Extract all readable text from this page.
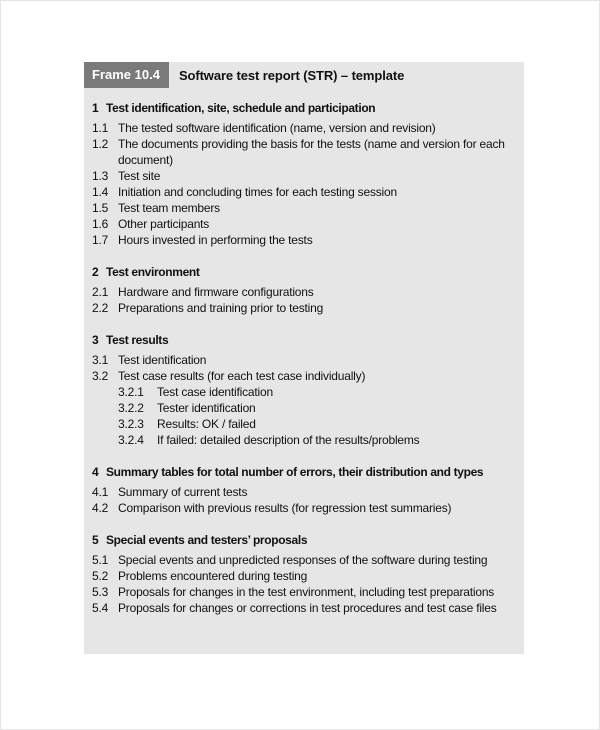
Frame 10.4	Software test report (STR) – template
1 Test identification, site, schedule and participation
1.1 The tested software identification (name, version and revision)
1.2 The documents providing the basis for the tests (name and version for each document)
1.3 Test site
1.4 Initiation and concluding times for each testing session
1.5 Test team members
1.6 Other participants
1.7 Hours invested in performing the tests
2 Test environment
2.1 Hardware and firmware configurations
2.2 Preparations and training prior to testing
3 Test results
3.1 Test identification
3.2 Test case results (for each test case individually)
3.2.1	Test case identification
3.2.2	Tester identification
3.2.3	Results: OK / failed
3.2.4	If failed: detailed description of the results/problems
4 Summary tables for total number of errors, their distribution and types
4.1 Summary of current tests
4.2 Comparison with previous results (for regression test summaries)
5 Special events and testers’ proposals
5.1 Special events and unpredicted responses of the software during testing
5.2 Problems encountered during testing
5.3 Proposals for changes in the test environment, including test preparations
5.4 Proposals for changes or corrections in test procedures and test case files
